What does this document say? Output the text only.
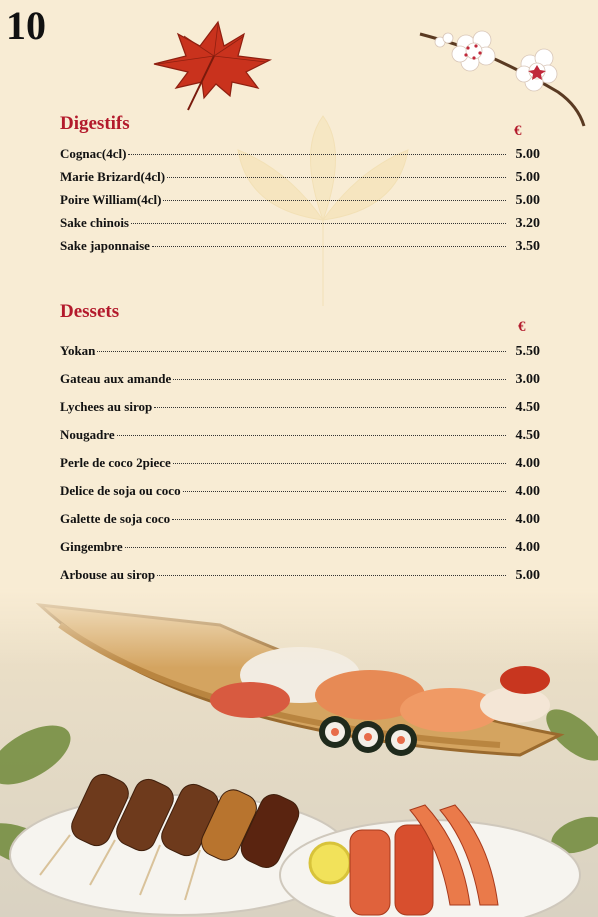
10
Digestifs	€
Cognac(4cl)	5.00
Marie Brizard(4cl)	5.00
Poire William(4cl)	5.00
Sake chinois	3.20
Sake japonnaise	3.50
Dessets
€
Yokan	5.50
Gateau aux amande	3.00
Lychees au sirop	4.50
Nougadre	4.50
Perle de coco 2piece	4.00
Delice de soja ou coco	4.00
Galette de soja coco	4.00
Gingembre	4.00
Arbouse au sirop	5.00
